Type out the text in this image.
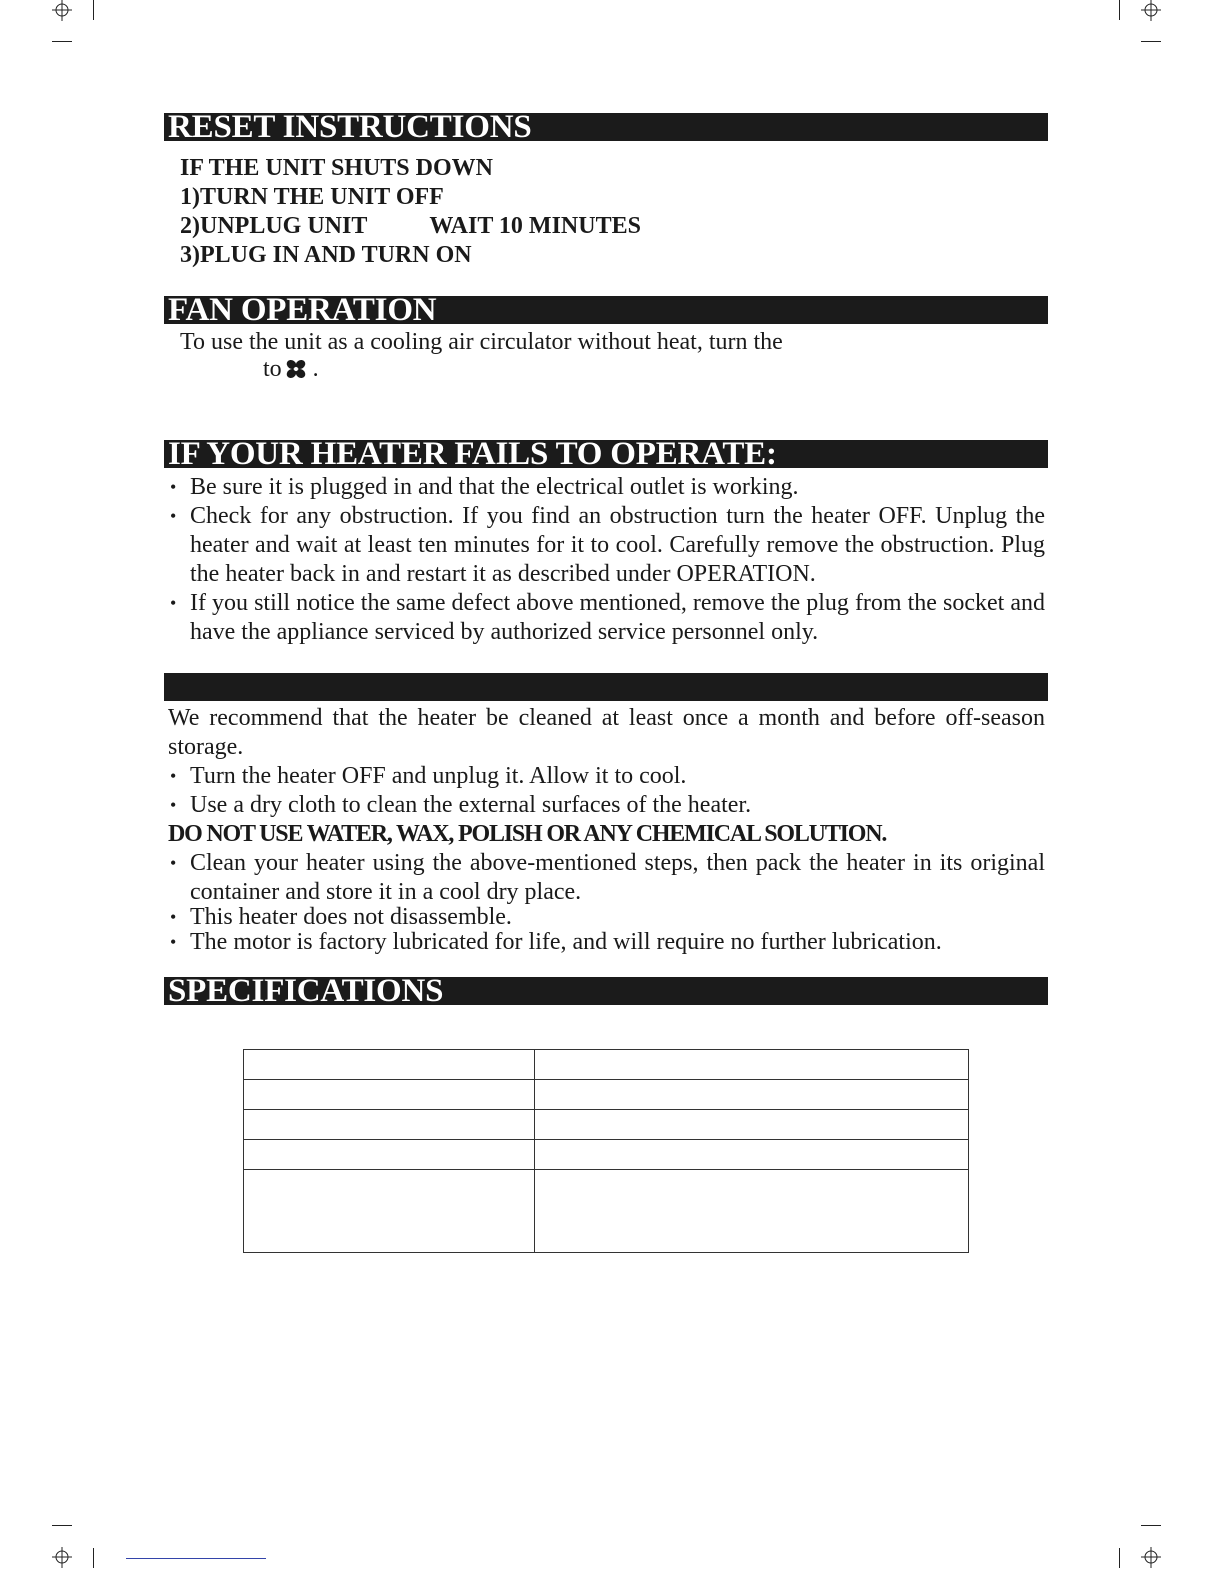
RESET INSTRUCTIONS
IF THE UNIT SHUTS DOWN
1)TURN THE UNIT OFF
2)UNPLUG UNIT	WAIT 10 MINUTES
3)PLUG IN AND TURN ON
FAN OPERATION
To use the unit as a cooling air circulator without heat, turn the
to .
IF YOUR HEATER FAILS TO OPERATE:
• Be sure it is plugged in and that the electrical outlet is working.
• Check for any obstruction. If you find an obstruction turn the heater OFF. Unplug the heater and wait at least ten minutes for it to cool. Carefully remove the obstruction. Plug the heater back in and restart it as described under OPERATION.
• If you still notice the same defect above mentioned, remove the plug from the socket and have the appliance serviced by authorized service personnel only.
We recommend that the heater be cleaned at least once a month and before off-season storage.
• Turn the heater OFF and unplug it. Allow it to cool.
• Use a dry cloth to clean the external surfaces of the heater.
DO NOT USE WATER, WAX, POLISH OR ANY CHEMICAL SOLUTION.
• Clean your heater using the above-mentioned steps, then pack the heater in its original container and store it in a cool dry place.
• This heater does not disassemble.
• The motor is factory lubricated for life, and will require no further lubrication.
SPECIFICATIONS
